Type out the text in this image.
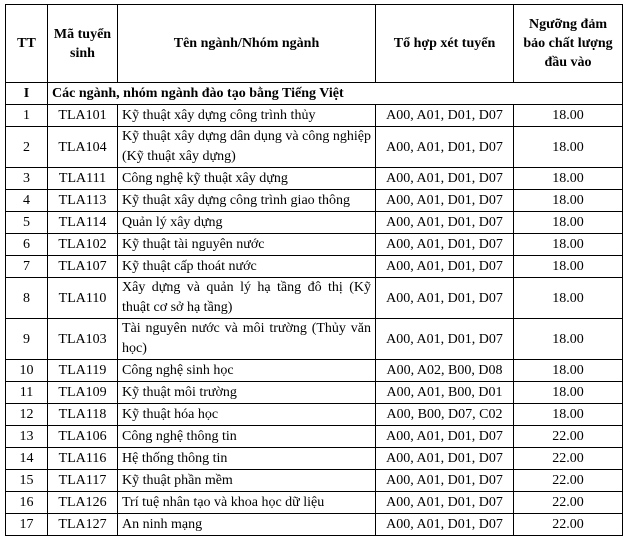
TT	Mã tuyển sinh	Tên ngành/Nhóm ngành	Tổ hợp xét tuyển	Ngưỡng đảm bảo chất lượng đầu vào
I	Các ngành, nhóm ngành đào tạo bằng Tiếng Việt			
1	TLA101	Kỹ thuật xây dựng công trình thủy	A00, A01, D01, D07	18.00
2	TLA104	Kỹ thuật xây dựng dân dụng và công nghiệp (Kỹ thuật xây dựng)	A00, A01, D01, D07	18.00
3	TLA111	Công nghệ kỹ thuật xây dựng	A00, A01, D01, D07	18.00
4	TLA113	Kỹ thuật xây dựng công trình giao thông	A00, A01, D01, D07	18.00
5	TLA114	Quản lý xây dựng	A00, A01, D01, D07	18.00
6	TLA102	Kỹ thuật tài nguyên nước	A00, A01, D01, D07	18.00
7	TLA107	Kỹ thuật cấp thoát nước	A00, A01, D01, D07	18.00
8	TLA110	Xây dựng và quản lý hạ tầng đô thị (Kỹ thuật cơ sở hạ tầng)	A00, A01, D01, D07	18.00
9	TLA103	Tài nguyên nước và môi trường (Thủy văn học)	A00, A01, D01, D07	18.00
10	TLA119	Công nghệ sinh học	A00, A02, B00, D08	18.00
11	TLA109	Kỹ thuật môi trường	A00, A01, B00, D01	18.00
12	TLA118	Kỹ thuật hóa học	A00, B00, D07, C02	18.00
13	TLA106	Công nghệ thông tin	A00, A01, D01, D07	22.00
14	TLA116	Hệ thống thông tin	A00, A01, D01, D07	22.00
15	TLA117	Kỹ thuật phần mềm	A00, A01, D01, D07	22.00
16	TLA126	Trí tuệ nhân tạo và khoa học dữ liệu	A00, A01, D01, D07	22.00
17	TLA127	An ninh mạng	A00, A01, D01, D07	22.00
